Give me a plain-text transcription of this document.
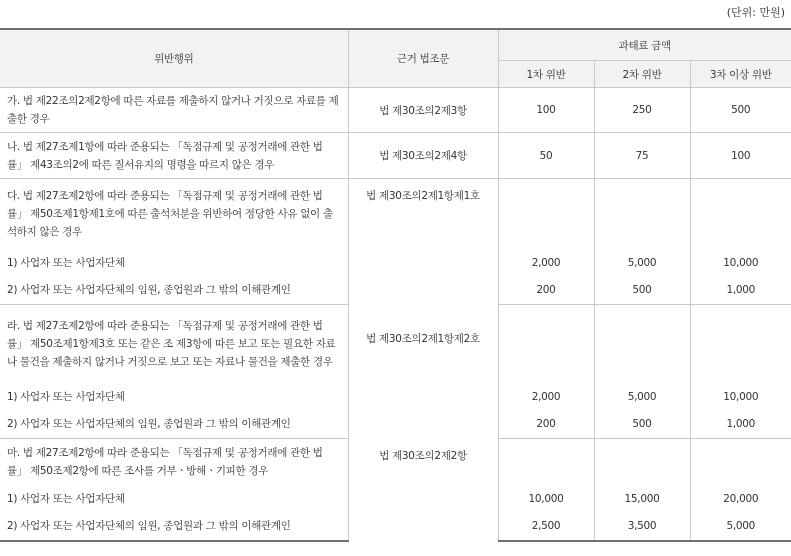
(단위: 만원)
위반행위	근거 법조문	과태료 금액		
		1차 위반	2차 위반	3차 이상 위반
가. 법 제22조의2제2항에 따른 자료를 제출하지 않거나 거짓으로 자료를 제출한 경우	법 제30조의2제3항	100	250	500
나. 법 제27조제1항에 따라 준용되는 「독점규제 및 공정거래에 관한 법률」 제43조의2에 따른 질서유지의 명령을 따르지 않은 경우	법 제30조의2제4항	50	75	100
다. 법 제27조제2항에 따라 준용되는 「독점규제 및 공정거래에 관한 법률」 제50조제1항제1호에 따른 출석처분을 위반하여 정당한 사유 없이 출석하지 않은 경우	법 제30조의2제1항제1호			
1) 사업자 또는 사업자단체		2,000	5,000	10,000
2) 사업자 또는 사업자단체의 임원, 종업원과 그 밖의 이해관계인		200	500	1,000
라. 법 제27조제2항에 따라 준용되는 「독점규제 및 공정거래에 관한 법률」 제50조제1항제3호 또는 같은 조 제3항에 따른 보고 또는 필요한 자료나 물건을 제출하지 않거나 거짓으로 보고 또는 자료나 물건을 제출한 경우	법 제30조의2제1항제2호			
1) 사업자 또는 사업자단체		2,000	5,000	10,000
2) 사업자 또는 사업자단체의 임원, 종업원과 그 밖의 이해관계인		200	500	1,000
마. 법 제27조제2항에 따라 준용되는 「독점규제 및 공정거래에 관한 법률」 제50조제2항에 따른 조사를 거부ㆍ방해ㆍ기피한 경우	법 제30조의2제2항			
1) 사업자 또는 사업자단체		10,000	15,000	20,000
2) 사업자 또는 사업자단체의 임원, 종업원과 그 밖의 이해관계인		2,500	3,500	5,000
